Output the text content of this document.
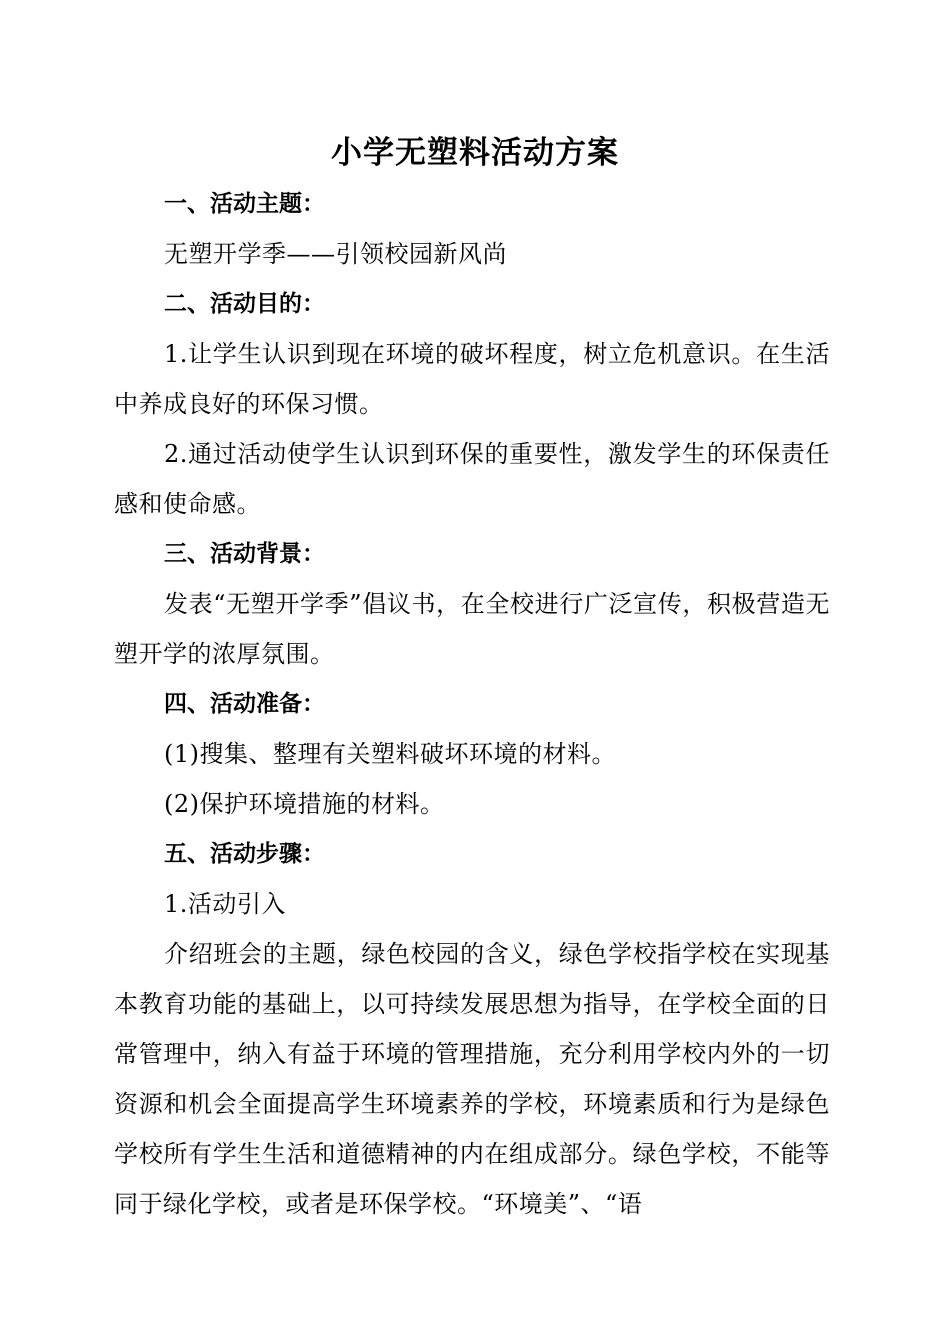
小学无塑料活动方案
一、活动主题：

无塑开学季——引领校园新风尚

二、活动目的：

1.让学生认识到现在环境的破坏程度，树立危机意识。在生活中养成良好的环保习惯。

2.通过活动使学生认识到环保的重要性，激发学生的环保责任感和使命感。

三、活动背景：

发表“无塑开学季”倡议书，在全校进行广泛宣传，积极营造无塑开学的浓厚氛围。

四、活动准备：

(1)搜集、整理有关塑料破坏环境的材料。

(2)保护环境措施的材料。

五、活动步骤：

1.活动引入

介绍班会的主题，绿色校园的含义，绿色学校指学校在实现基本教育功能的基础上，以可持续发展思想为指导，在学校全面的日常管理中，纳入有益于环境的管理措施，充分利用学校内外的一切资源和机会全面提高学生环境素养的学校，环境素质和行为是绿色学校所有学生生活和道德精神的内在组成部分。绿色学校，不能等同于绿化学校，或者是环保学校。“环境美”、“语
